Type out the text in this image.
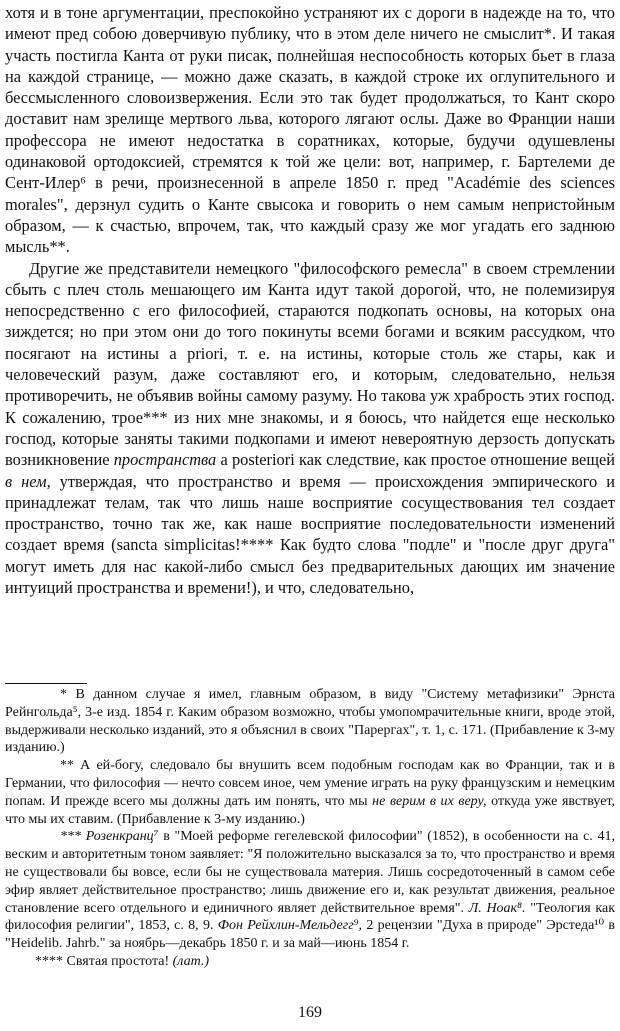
хотя и в тоне аргументации, преспокойно устраняют их с дороги в надежде на то, что имеют пред собою доверчивую публику, что в этом деле ничего не смыслит*. И такая участь постигла Канта от руки писак, полнейшая неспособность которых бьет в глаза на каждой странице, — можно даже сказать, в каждой строке их оглупительного и бессмысленного словоизвержения. Если это так будет продолжаться, то Кант скоро доставит нам зрелище мертвого льва, которого лягают ослы. Даже во Франции наши профессора не имеют недостатка в соратниках, которые, будучи одушевлены одинаковой ортодоксией, стремятся к той же цели: вот, например, г. Бартелеми де Сент-Илер⁶ в речи, произнесенной в апреле 1850 г. пред "Académie des sciences morales", дерзнул судить о Канте свысока и говорить о нем самым непристойным образом, — к счастью, впрочем, так, что каждый сразу же мог угадать его заднюю мысль**.

Другие же представители немецкого "философского ремесла" в своем стремлении сбыть с плеч столь мешающего им Канта идут такой дорогой, что, не полемизируя непосредственно с его философией, стараются подкопать основы, на которых она зиждется; но при этом они до того покинуты всеми богами и всяким рассудком, что посягают на истины a priori, т. е. на истины, которые столь же стары, как и человеческий разум, даже составляют его, и которым, следовательно, нельзя противоречить, не объявив войны самому разуму. Но такова уж храбрость этих господ. К сожалению, трое*** из них мне знакомы, и я боюсь, что найдется еще несколько господ, которые заняты такими подкопами и имеют невероятную дерзость допускать возникновение пространства a posteriori как следствие, как простое отношение вещей в нем, утверждая, что пространство и время — происхождения эмпирического и принадлежат телам, так что лишь наше восприятие сосуществования тел создает пространство, точно так же, как наше восприятие последовательности изменений создает время (sancta simplicitas!**** Как будто слова "подле" и "после друг друга" могут иметь для нас какой-либо смысл без предварительных дающих им значение интуиций пространства и времени!), и что, следовательно,

* В данном случае я имел, главным образом, в виду "Систему метафизики" Эрнста Рейнгольда⁵, 3-е изд. 1854 г. Каким образом возможно, чтобы умопомрачительные книги, вроде этой, выдерживали несколько изданий, это я объяснил в своих "Парергах", т. 1, с. 171. (Прибавление к 3-му изданию.)

** А ей-богу, следовало бы внушить всем подобным господам как во Франции, так и в Германии, что философия — нечто совсем иное, чем умение играть на руку французским и немецким попам. И прежде всего мы должны дать им понять, что мы не верим в их веру, откуда уже явствует, что мы их ставим. (Прибавление к 3-му изданию.)

*** Розенкранц⁷ в "Моей реформе гегелевской философии" (1852), в особенности на с. 41, веским и авторитетным тоном заявляет: "Я положительно высказался за то, что пространство и время не существовали бы вовсе, если бы не существовала материя. Лишь сосредоточенный в самом себе эфир являет действительное пространство; лишь движение его и, как результат движения, реальное становление всего отдельного и единичного являет действительное время". Л. Ноак⁸. "Теология как философия религии", 1853, с. 8, 9. Фон Рейхлин-Мельдегг⁹, 2 рецензии "Духа в природе" Эрстеда¹⁰ в "Heidelib. Jahrb." за ноябрь—декабрь 1850 г. и за май—июнь 1854 г.

**** Святая простота! (лат.)

169
